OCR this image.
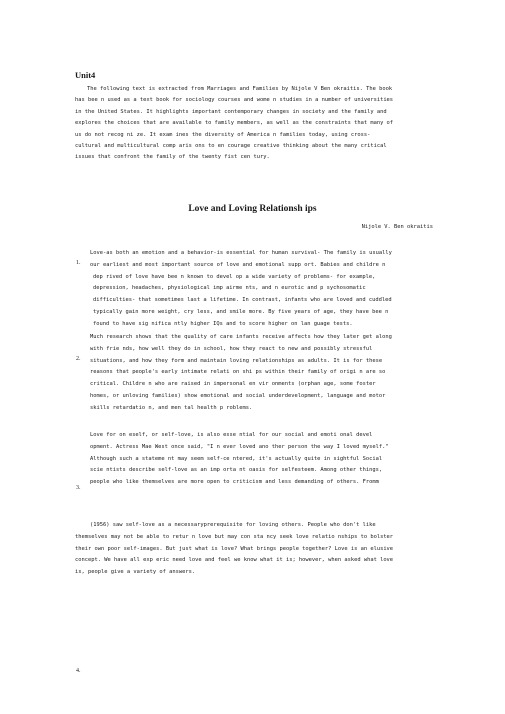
Unit4
The following text is extracted from Marriages and Families by Nijole V Ben okraitis. The book
has bee n used as a text book for sociology courses and wome n studies in a number of universities
in the United States. It highlights important contemporary changes in society and the family and
explores the choices that are available to family members, as well as the constraints that many of
us do not recog ni ze. It exam ines the diversity of America n families today, using cross-
cultural and multicultural comp aris ons to en courage creative thinking about the many critical
issues that confront the family of the twenty fist cen tury.
Love and Loving Relationsh ips
Nijole V. Ben okraitis
1.
Love-as both an emotion and a behavior-is essential for human survival- The family is usually
our earliest and most important source of love and emotional supp ort. Babies and childre n
dep rived of love have bee n known to devel op a wide variety of problems- for example,
depression, headaches, physiological imp airme nts, and n eurotic and p sychosomatic
difficulties- that sometimes last a lifetime. In contrast, infants who are loved and cuddled
typically gain more weight, cry less, and smile more. By five years of age, they have bee n
found to have sig nifica ntly higher IQs and to score higher on lan guage tests.
2.
Much research shows that the quality of care infants receive affects how they later get along
with frie nds, how well they do in school, how they react to new and possibly stressful
situations, and how they form and maintain loving relationships as adults. It is for these
reasons that people's early intimate relati on shi ps within their family of origi n are so
critical. Childre n who are raised in impersonal en vir onments (orphan age, some foster
homes, or unloving families) show emotional and social underdevelopment, language and motor
skills retardatio n, and men tal health p roblems.
3.
Love for on eself, or self-love, is also esse ntial for our social and emoti onal devel
opment. Actress Mae West once said, "I n ever loved ano ther person the way I loved myself."
Although such a stateme nt may seem self-ce ntered, it's actually quite in sightful Social
scie ntists describe self-love as an imp orta nt oasis for selfesteem. Among other things,
people who like themselves are more open to criticism and less demanding of others. Fromm
(1956) saw self-love as a necessaryprerequisite for loving others. People who don't like
themselves may not be able to retur n love but may con sta ncy seek love relatio nships to bolster
their own poor self-images. But just what is love? What brings people together? Love is an elusive
concept. We have all exp eric need love and feel we know what it is; however, when asked what love
is, people give a variety of answers.
4.
